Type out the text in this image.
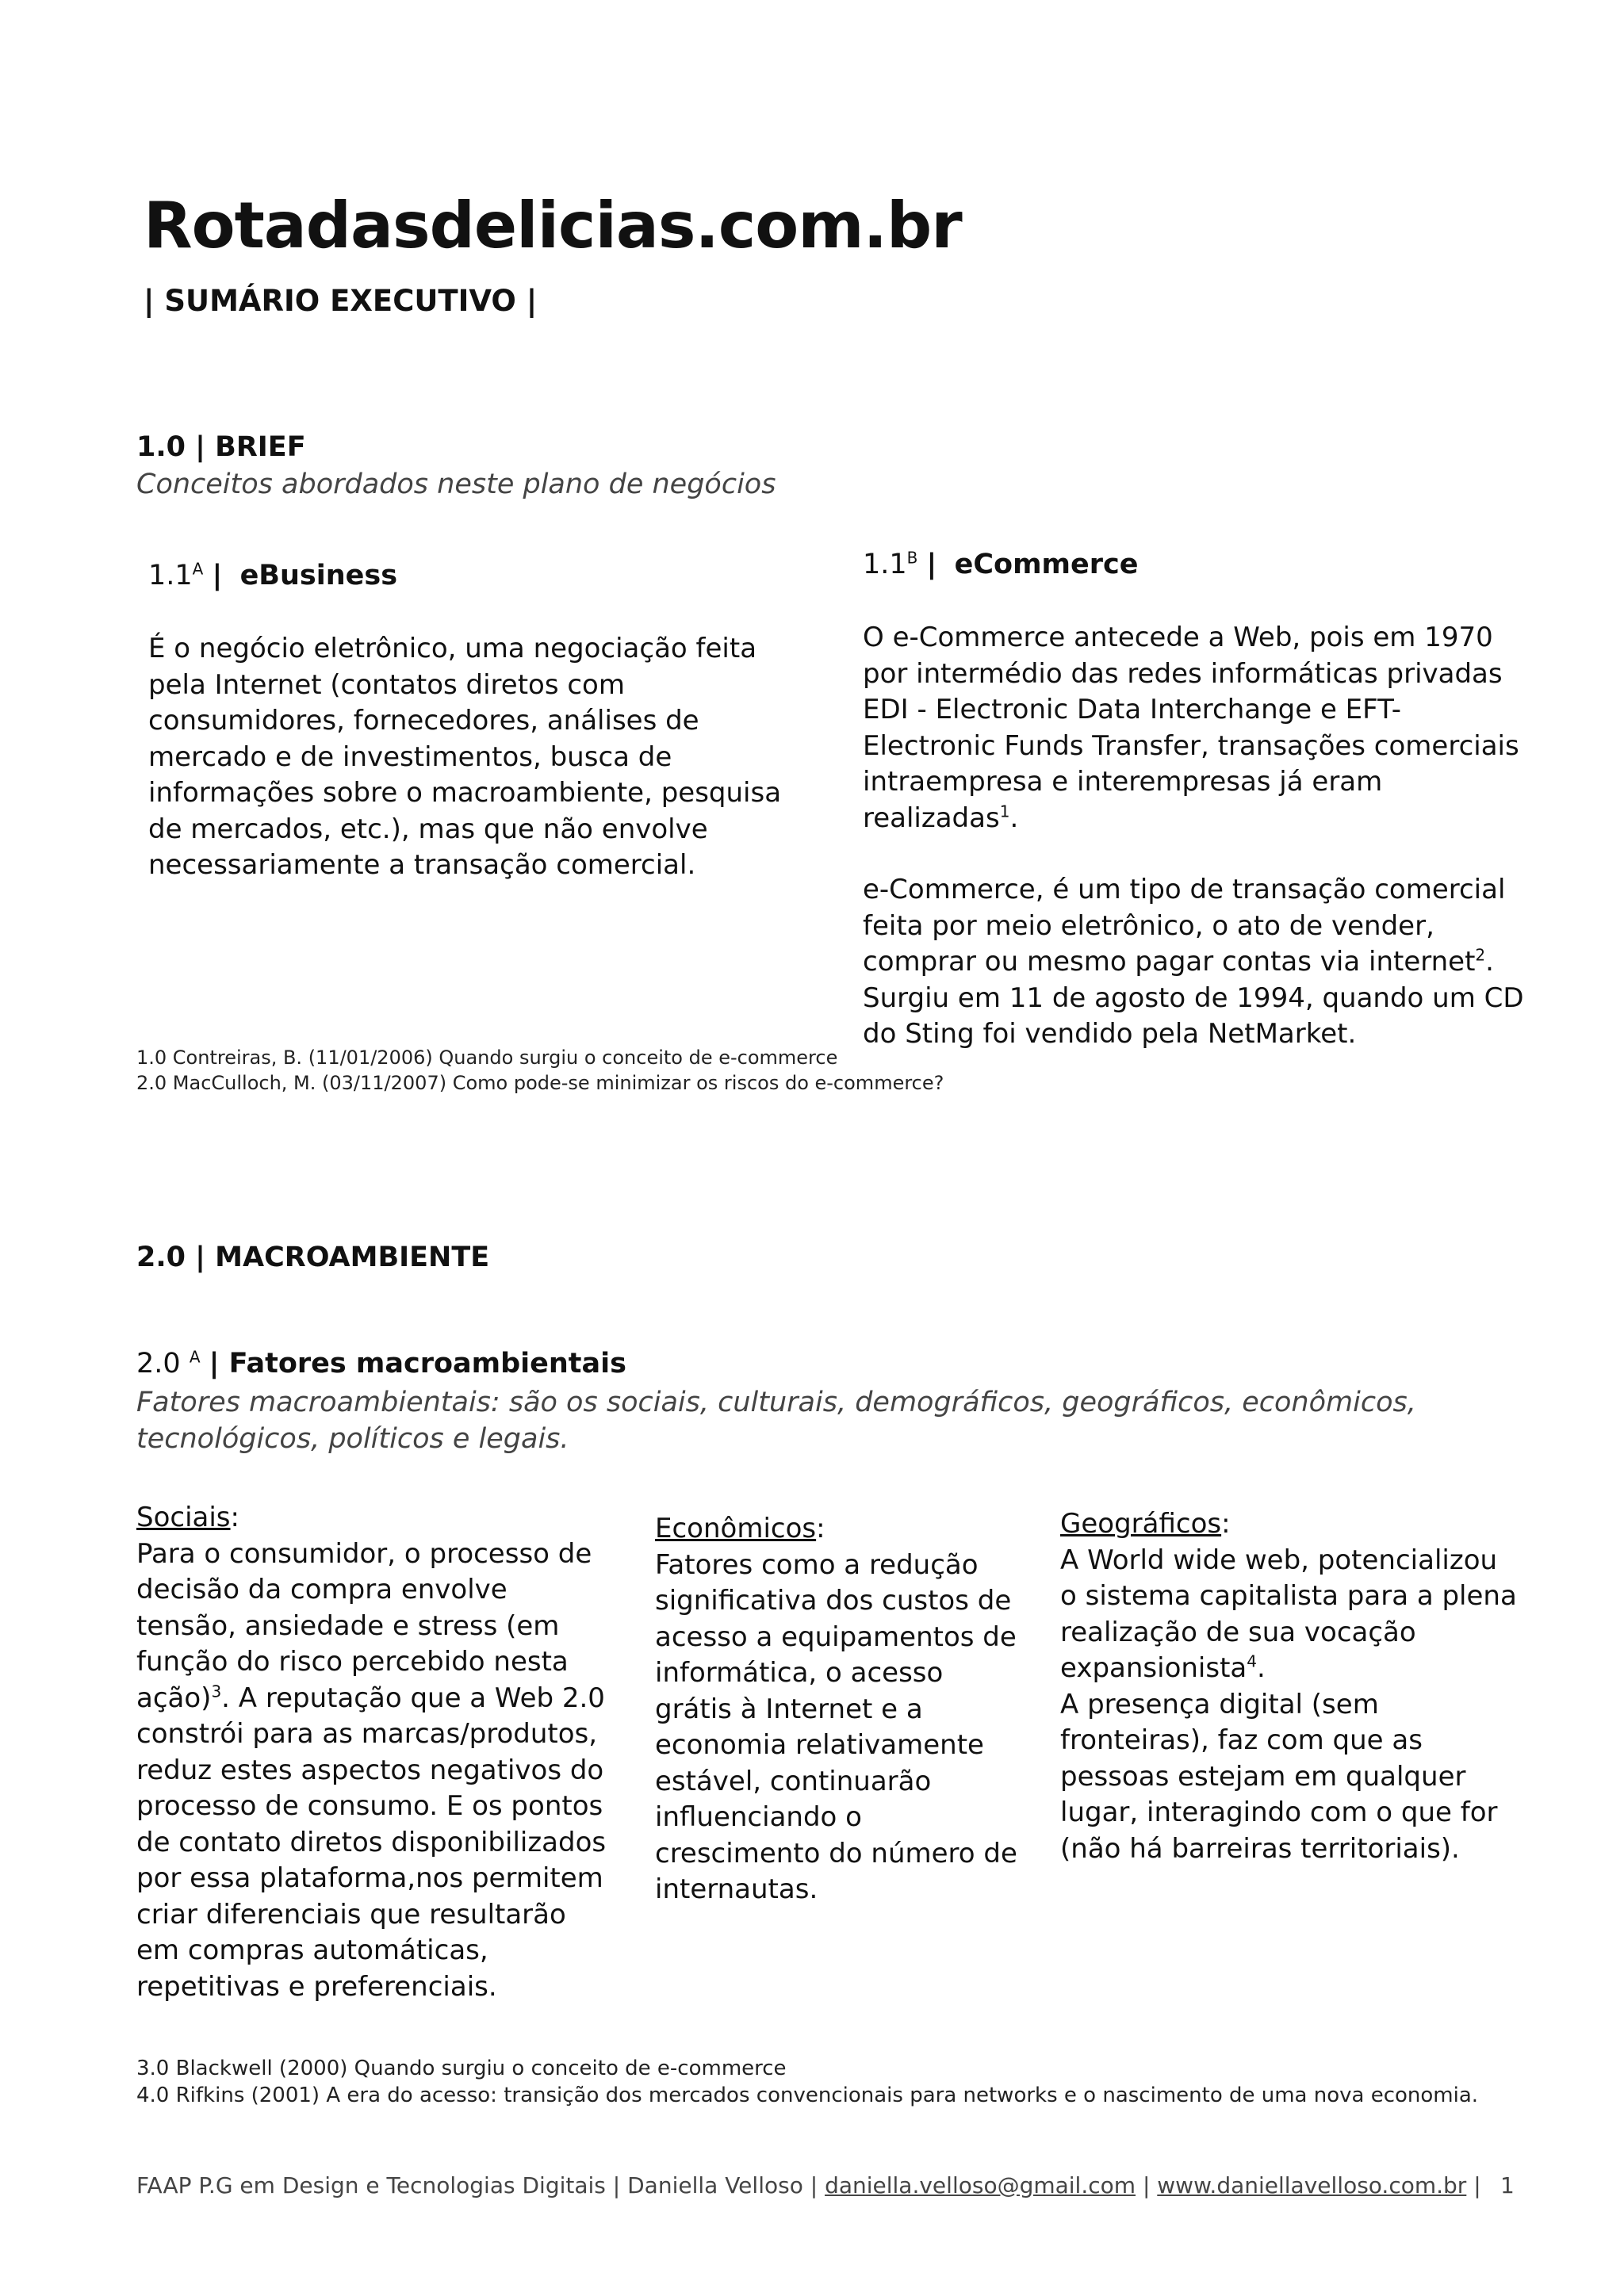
Rotadasdelicias.com.br
| SUMÁRIO EXECUTIVO |
1.0 | BRIEF
Conceitos abordados neste plano de negócios
$1.1^A$ | eBusiness
É o negócio eletrônico, uma negociação feita pela Internet (contatos diretos com consumidores, fornecedores, análises de mercado e de investimentos, busca de informações sobre o macroambiente, pesquisa de mercados, etc.), mas que não envolve necessariamente a transação comercial.
$1.1^B$ | eCommerce

O e-Commerce antecede a Web, pois em 1970 por intermédio das redes informáticas privadas EDI - Electronic Data Interchange e EFT- Electronic Funds Transfer, transações comerciais intraempresa e interempresas já eram realizadas$^1$.

e-Commerce, é um tipo de transação comercial feita por meio eletrônico, o ato de vender, comprar ou mesmo pagar contas via internet$^2$. Surgiu em 11 de agosto de 1994, quando um CD do Sting foi vendido pela NetMarket.

1.0 Contreiras, B. (11/01/2006) Quando surgiu o conceito de e-commerce
2.0 MacCulloch, M. (03/11/2007) Como pode-se minimizar os riscos do e-commerce?
2.0 | MACROAMBIENTE
2.0 $^A$ | Fatores macroambientais
Fatores macroambientais: são os sociais, culturais, demográficos, geográficos, econômicos, tecnológicos, políticos e legais.

Sociais:

Para o consumidor, o processo de decisão da compra envolve tensão, ansiedade e stress (em função do risco percebido nesta ação)$^3$. A reputação que a Web 2.0 constrói para as marcas/produtos, reduz estes aspectos negativos do processo de consumo. E os pontos de contato diretos disponibilizados por essa plataforma,nos permitem criar diferenciais que resultarão em compras automáticas, repetitivas e preferenciais.

Econômicos:

Fatores como a redução significativa dos custos de acesso a equipamentos de informática, o acesso grátis à Internet e a economia relativamente estável, continuarão influenciando o crescimento do número de internautas.

Geográficos:

A World wide web, potencializou o sistema capitalista para a plena realização de sua vocação expansionista$^4$.

A presença digital (sem fronteiras), faz com que as pessoas estejam em qualquer lugar, interagindo com o que for (não há barreiras territoriais).

3.0 Blackwell (2000) Quando surgiu o conceito de e-commerce
4.0 Rifkins (2001) A era do acesso: transição dos mercados convencionais para networks e o nascimento de uma nova economia.
FAAP P.G em Design e Tecnologias Digitais | Daniella Velloso | daniella.velloso@gmail.com | www.daniellavelloso.com.br | 1
